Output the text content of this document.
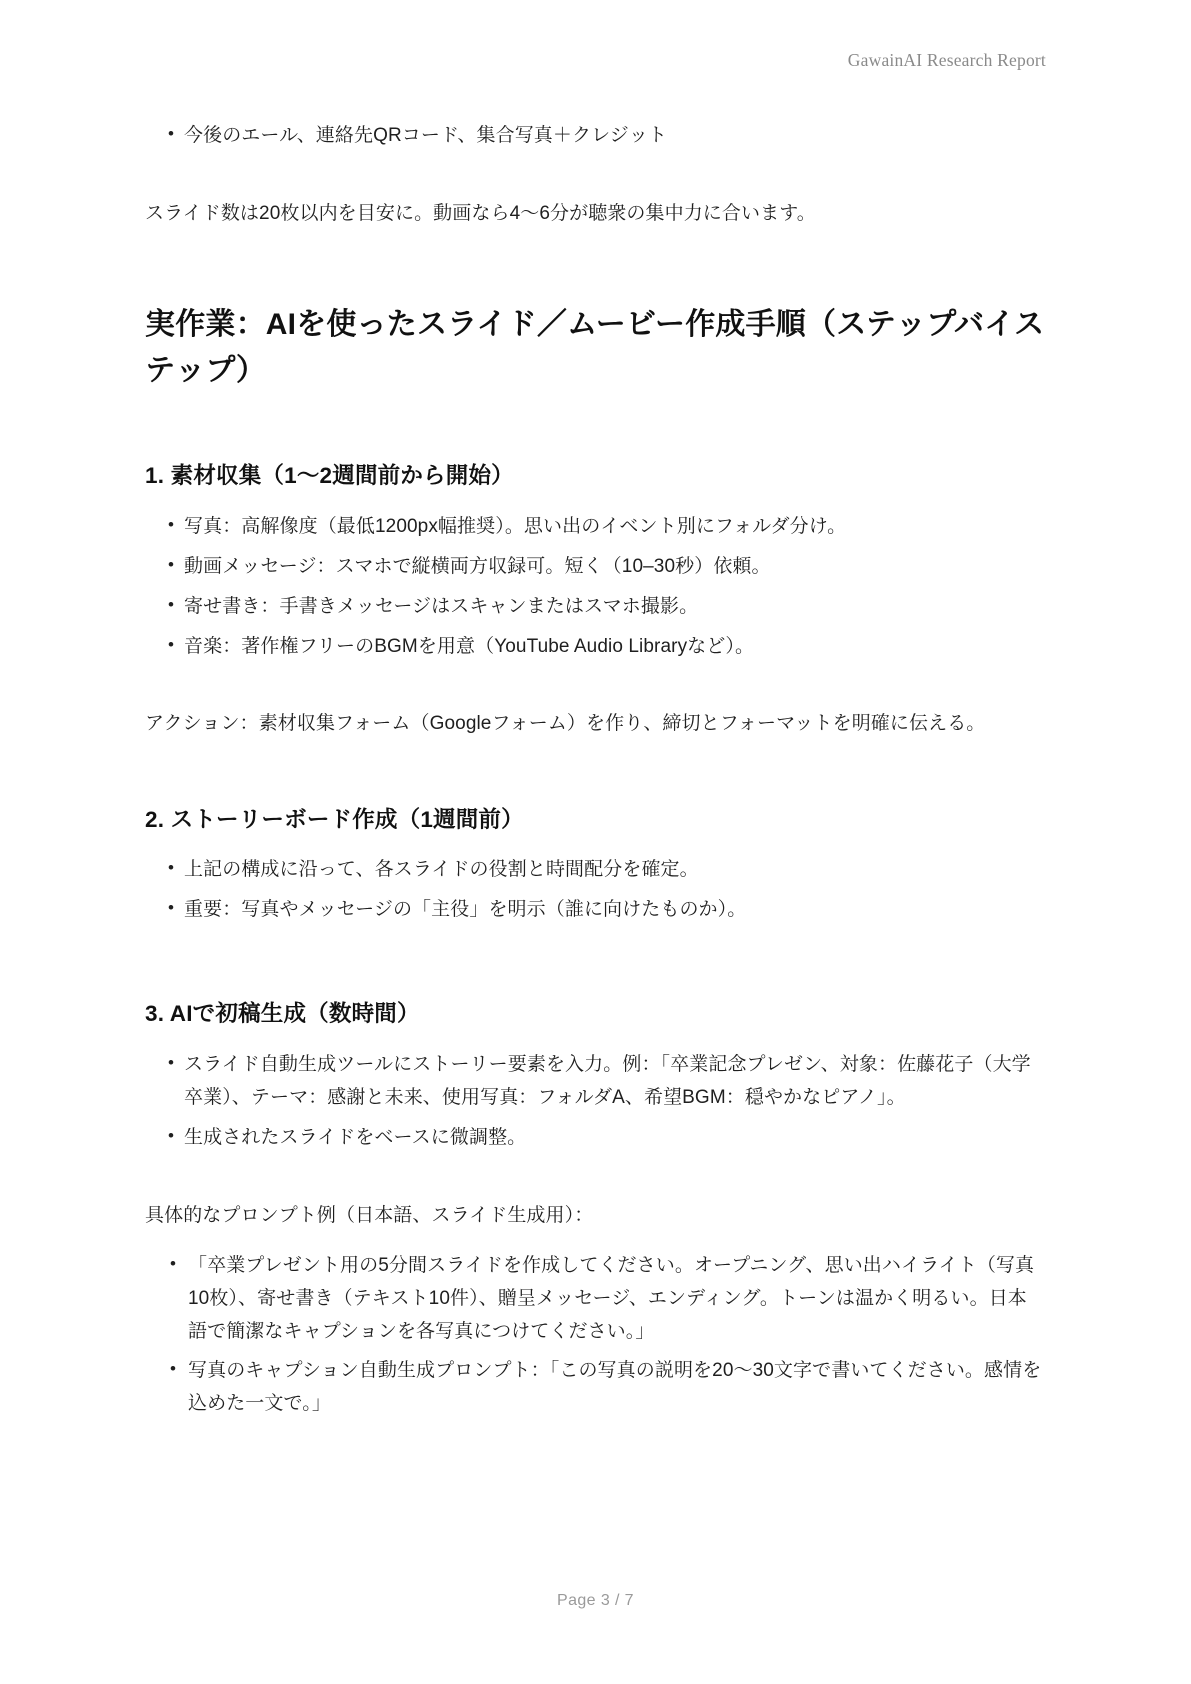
GawainAI Research Report
• 今後のエール、連絡先QRコード、集合写真＋クレジット

スライド数は20枚以内を目安に。動画なら4〜6分が聴衆の集中力に合います。

実作業：AIを使ったスライド／ムービー作成手順（ステップバイステップ）
1. 素材収集（1〜2週間前から開始）
• 写真：高解像度（最低1200px幅推奨）。思い出のイベント別にフォルダ分け。
• 動画メッセージ：スマホで縦横両方収録可。短く（10–30秒）依頼。
• 寄せ書き：手書きメッセージはスキャンまたはスマホ撮影。
• 音楽：著作権フリーのBGMを用意（YouTube Audio Libraryなど）。

アクション：素材収集フォーム（Googleフォーム）を作り、締切とフォーマットを明確に伝える。

2. ストーリーボード作成（1週間前）
• 上記の構成に沿って、各スライドの役割と時間配分を確定。
• 重要：写真やメッセージの「主役」を明示（誰に向けたものか）。
3. AIで初稿生成（数時間）
• スライド自動生成ツールにストーリー要素を入力。例：「卒業記念プレゼン、対象：佐藤花子（大学卒業）、テーマ：感謝と未来、使用写真：フォルダA、希望BGM：穏やかなピアノ」。
• 生成されたスライドをベースに微調整。

具体的なプロンプト例（日本語、スライド生成用）：

• 「卒業プレゼント用の5分間スライドを作成してください。オープニング、思い出ハイライト（写真10枚）、寄せ書き（テキスト10件）、贈呈メッセージ、エンディング。トーンは温かく明るい。日本語で簡潔なキャプションを各写真につけてください。」
• 写真のキャプション自動生成プロンプト：「この写真の説明を20〜30文字で書いてください。感情を込めた一文で。」
Page 3 / 7
